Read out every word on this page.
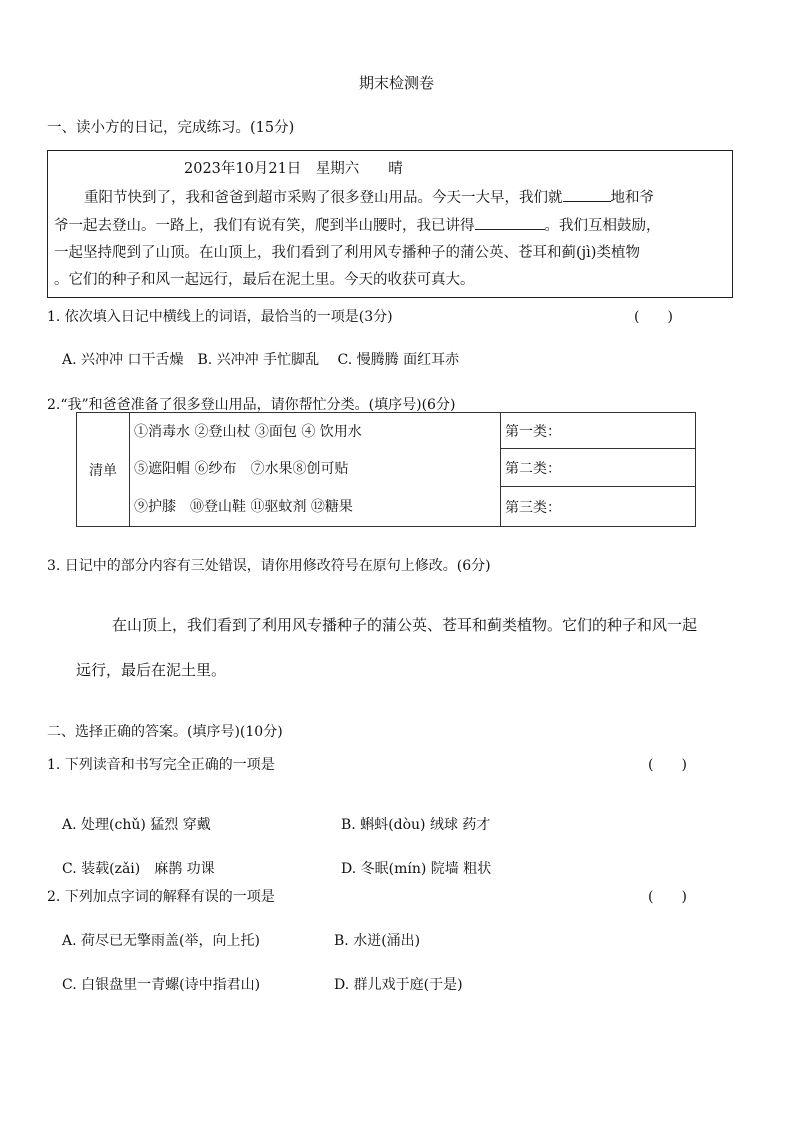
期末检测卷
一、读小方的日记，完成练习。(15分)
2023年10月21日　星期六　　晴
重阳节快到了，我和爸爸到超市采购了很多登山用品。今天一大早，我们就	地和爷
爷一起去登山。一路上，我们有说有笑，爬到半山腰时，我已讲得	。我们互相鼓励，
一起坚持爬到了山顶。在山顶上，我们看到了利用风专播种子的蒲公英、苍耳和蓟(jì)类植物
。它们的种子和风一起远行，最后在泥土里。今天的收获可真大。
1. 依次填入日记中横线上的词语，最恰当的一项是(3分)	(　　)
A. 兴冲冲 口干舌燥　B. 兴冲冲 手忙脚乱　 C. 慢腾腾 面红耳赤
2.“我”和爸爸准备了很多登山用品，请你帮忙分类。(填序号)(6分)
清单	①消毒水 ②登山杖 ③面包 ④ 饮用水	第一类：
	⑤遮阳帽 ⑥纱布　⑦水果⑧创可贴	第二类：
	⑨护膝　⑩登山鞋 ⑪驱蚊剂 ⑫糖果	第三类：
3. 日记中的部分内容有三处错误，请你用修改符号在原句上修改。(6分)
在山顶上，我们看到了利用风专播种子的蒲公英、苍耳和蓟类植物。它们的种子和风一起
远行，最后在泥土里。
二、选择正确的答案。(填序号)(10分)
1. 下列读音和书写完全正确的一项是	(　　)
A. 处理(chǔ) 猛烈 穿戴	B. 蝌蚪(dòu) 绒球 药才
C. 装载(zǎi)　麻鹊 功课	D. 冬眠(mín) 院墙 粗状
2. 下列加点字词的解释有误的一项是	(　　)
A. 荷尽已无擎雨盖(举，向上托)	B. 水迸(涌出)
C. 白银盘里一青螺(诗中指君山)	D. 群儿戏于庭(于是)
